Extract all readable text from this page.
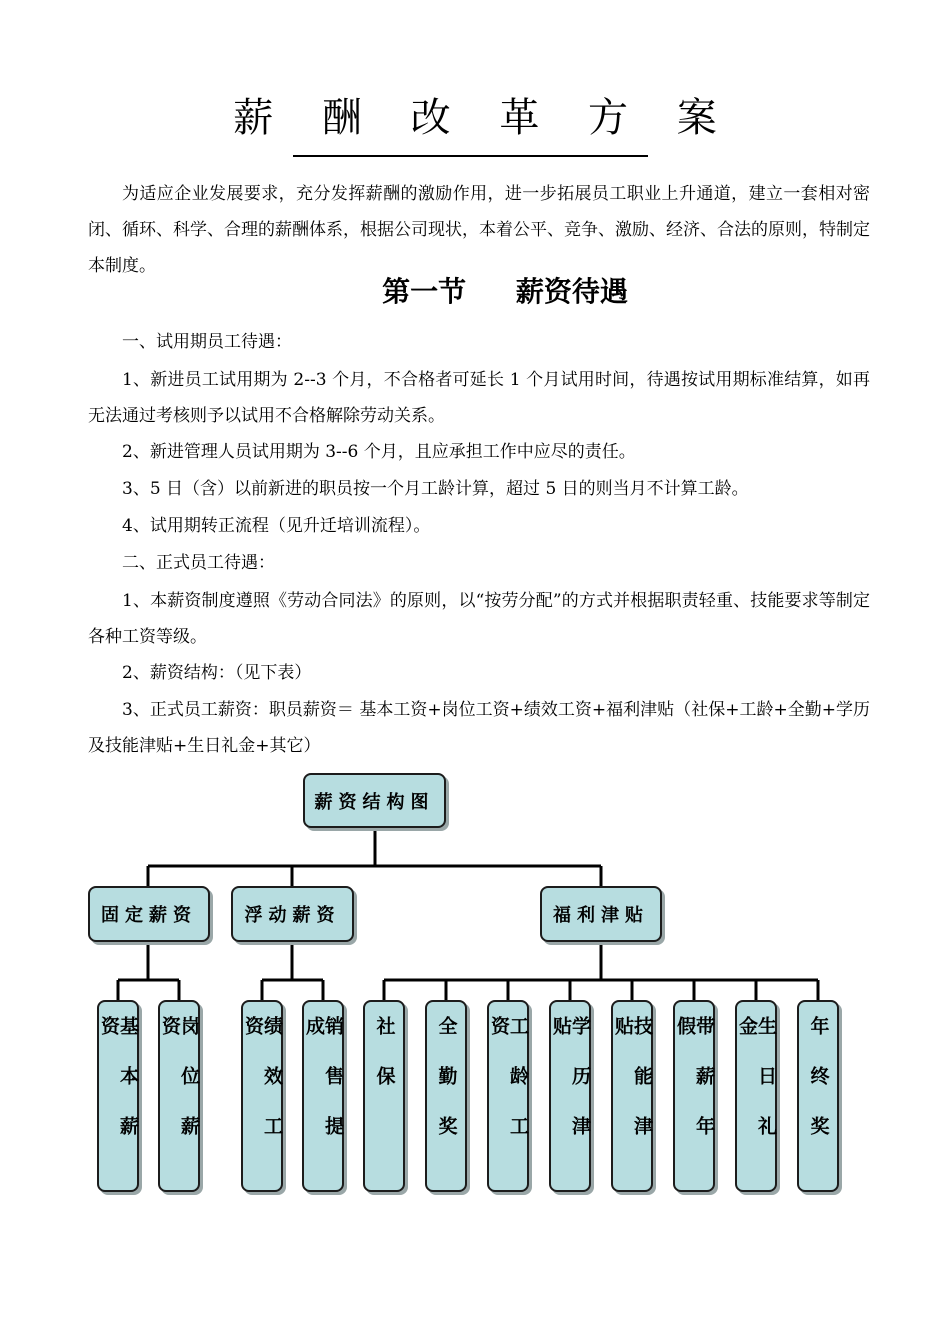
薪 酬 改 革 方 案

为适应企业发展要求，充分发挥薪酬的激励作用，进一步拓展员工职业上升通道，建立一套相对密闭、循环、科学、合理的薪酬体系，根据公司现状，本着公平、竞争、激励、经济、合法的原则，特制定本制度。

第一节 薪资待遇

一、试用期员工待遇：

1、新进员工试用期为 2--3 个月，不合格者可延长 1 个月试用时间，待遇按试用期标准结算，如再无法通过考核则予以试用不合格解除劳动关系。

2、新进管理人员试用期为 3--6 个月，且应承担工作中应尽的责任。

3、5 日（含）以前新进的职员按一个月工龄计算，超过 5 日的则当月不计算工龄。

4、试用期转正流程（见升迁培训流程）。

二、正式员工待遇：

1、本薪资制度遵照《劳动合同法》的原则，以“按劳分配”的方式并根据职责轻重、技能要求等制定各种工资等级。

2、薪资结构：（见下表）

3、正式员工薪资：职员薪资＝ 基本工资+岗位工资+绩效工资+福利津贴（社保+工龄+全勤+学历及技能津贴+生日礼金+其它）

薪资结构图
固定薪资	浮动薪资	福利津贴
基本薪资	岗位薪资	绩效工资	销售提成	社保 全勤奖	工龄工资	学历津贴	技能津贴	带薪年假	生日礼金	年终奖
